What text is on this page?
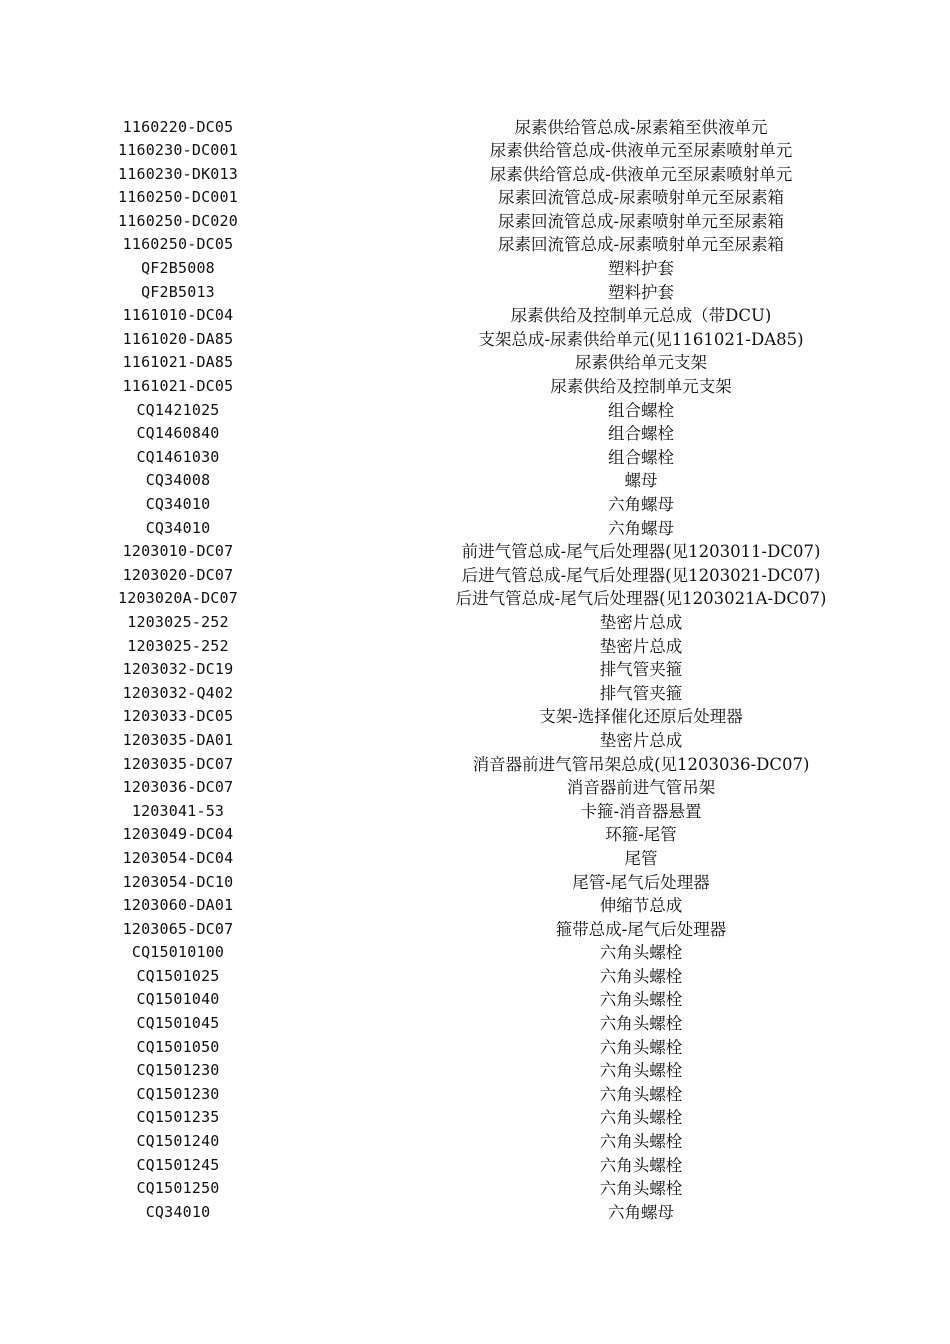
1160220-DC05	尿素供给管总成-尿素箱至供液单元	
1160230-DC001	尿素供给管总成-供液单元至尿素喷射单元	
1160230-DK013	尿素供给管总成-供液单元至尿素喷射单元	
1160250-DC001	尿素回流管总成-尿素喷射单元至尿素箱	
1160250-DC020	尿素回流管总成-尿素喷射单元至尿素箱	
1160250-DC05	尿素回流管总成-尿素喷射单元至尿素箱	
QF2B5008	塑料护套	
QF2B5013	塑料护套	
1161010-DC04	尿素供给及控制单元总成（带DCU)	
1161020-DA85	支架总成-尿素供给单元(见1161021-DA85)	
1161021-DA85	尿素供给单元支架	
1161021-DC05	尿素供给及控制单元支架	
CQ1421025	组合螺栓	
CQ1460840	组合螺栓	
CQ1461030	组合螺栓	
CQ34008	螺母	
CQ34010	六角螺母	
CQ34010	六角螺母	
1203010-DC07	前进气管总成-尾气后处理器(见1203011-DC07)	
1203020-DC07	后进气管总成-尾气后处理器(见1203021-DC07)	
1203020A-DC07	后进气管总成-尾气后处理器(见1203021A-DC07)	
1203025-252	垫密片总成	
1203025-252	垫密片总成	
1203032-DC19	排气管夹箍	
1203032-Q402	排气管夹箍	
1203033-DC05	支架-选择催化还原后处理器	
1203035-DA01	垫密片总成	
1203035-DC07	消音器前进气管吊架总成(见1203036-DC07)	
1203036-DC07	消音器前进气管吊架	
1203041-53	卡箍-消音器悬置	
1203049-DC04	环箍-尾管	
1203054-DC04	尾管	
1203054-DC10	尾管-尾气后处理器	
1203060-DA01	伸缩节总成	
1203065-DC07	箍带总成-尾气后处理器	
CQ15010100	六角头螺栓	
CQ1501025	六角头螺栓	
CQ1501040	六角头螺栓	
CQ1501045	六角头螺栓	
CQ1501050	六角头螺栓	
CQ1501230	六角头螺栓	
CQ1501230	六角头螺栓	
CQ1501235	六角头螺栓	
CQ1501240	六角头螺栓	
CQ1501245	六角头螺栓	
CQ1501250	六角头螺栓	
CQ34010	六角螺母	
